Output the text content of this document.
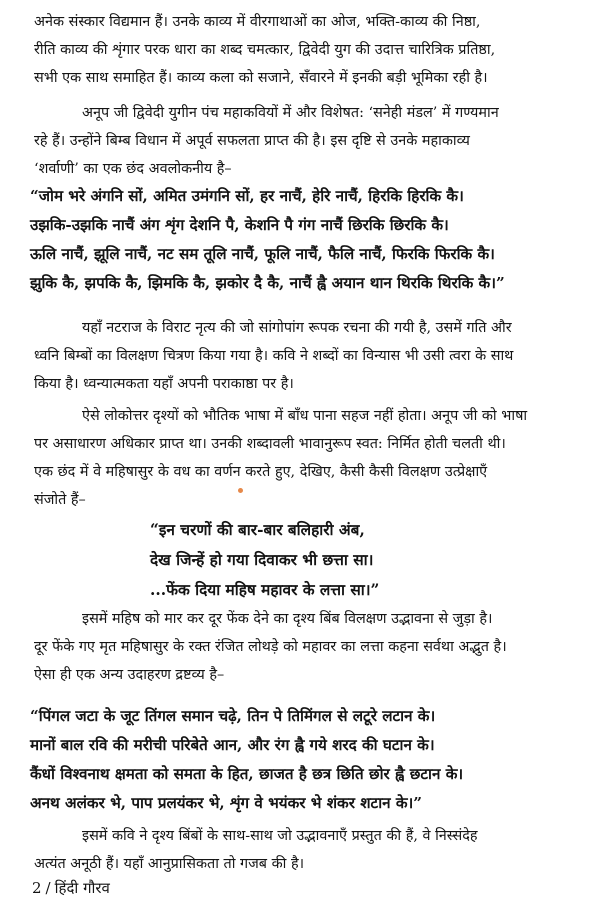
अनेक संस्कार विद्यमान हैं। उनके काव्य में वीरगाथाओं का ओज, भक्ति-काव्य की निष्ठा,
रीति काव्य की शृंगार परक धारा का शब्द चमत्कार, द्विवेदी युग की उदात्त चारित्रिक प्रतिष्ठा,
सभी एक साथ समाहित हैं। काव्य कला को सजाने, सँवारने में इनकी बड़ी भूमिका रही है।
अनूप जी द्विवेदी युगीन पंच महाकवियों में और विशेषत: ‘सनेही मंडल’ में गण्यमान
रहे हैं। उन्होंने बिम्ब विधान में अपूर्व सफलता प्राप्त की है। इस दृष्टि से उनके महाकाव्य
‘शर्वाणी’ का एक छंद अवलोकनीय है–
“जोम भरे अंगनि सों, अमित उमंगनि सों, हर नाचैं, हेरि नाचैं, हिरकि हिरकि कै।
उझकि-उझकि नाचैं अंग शृंग देशनि पै, केशनि पै गंग नाचैं छिरकि छिरकि कै।
ऊलि नाचैं, झूलि नाचैं, नट सम तूलि नाचैं, फूलि नाचैं, फैलि नाचैं, फिरकि फिरकि कै।
झुकि कै, झपकि कै, झिमकि कै, झकोर दै कै, नाचैं ह्वै अयान थान थिरकि थिरकि कै।”
यहाँ नटराज के विराट नृत्य की जो सांगोपांग रूपक रचना की गयी है, उसमें गति और
ध्वनि बिम्बों का विलक्षण चित्रण किया गया है। कवि ने शब्दों का विन्यास भी उसी त्वरा के साथ
किया है। ध्वन्यात्मकता यहाँ अपनी पराकाष्ठा पर है।
ऐसे लोकोत्तर दृश्यों को भौतिक भाषा में बाँध पाना सहज नहीं होता। अनूप जी को भाषा
पर असाधारण अधिकार प्राप्त था। उनकी शब्दावली भावानुरूप स्वत: निर्मित होती चलती थी।
एक छंद में वे महिषासुर के वध का वर्णन करते हुए, देखिए, कैसी कैसी विलक्षण उत्प्रेक्षाएँ
संजोते हैं–
“इन चरणों की बार-बार बलिहारी अंब,
देख जिन्हें हो गया दिवाकर भी छत्ता सा।
...फेंक दिया महिष महावर के लत्ता सा।”
इसमें महिष को मार कर दूर फेंक देने का दृश्य बिंब विलक्षण उद्भावना से जुड़ा है।
दूर फेंके गए मृत महिषासुर के रक्त रंजित लोथड़े को महावर का लत्ता कहना सर्वथा अद्भुत है।
ऐसा ही एक अन्य उदाहरण द्रष्टव्य है–
“पिंगल जटा के जूट तिंगल समान चढ़े, तिन पे तिमिंगल से लटूरे लटान के।
मानों बाल रवि की मरीची परिबेते आन, और रंग ह्वै गये शरद की घटान के।
कैंधों विश्वनाथ क्षमता को समता के हित, छाजत है छत्र छिति छोर ह्वै छटान के।
अनथ अलंकर भे, पाप प्रलयंकर भे, शृंग वे भयंकर भे शंकर शटान के।”
इसमें कवि ने दृश्य बिंबों के साथ-साथ जो उद्भावनाएँ प्रस्तुत की हैं, वे निस्संदेह
अत्यंत अनूठी हैं। यहाँ आनुप्रासिकता तो गजब की है।
2 / हिंदी गौरव
